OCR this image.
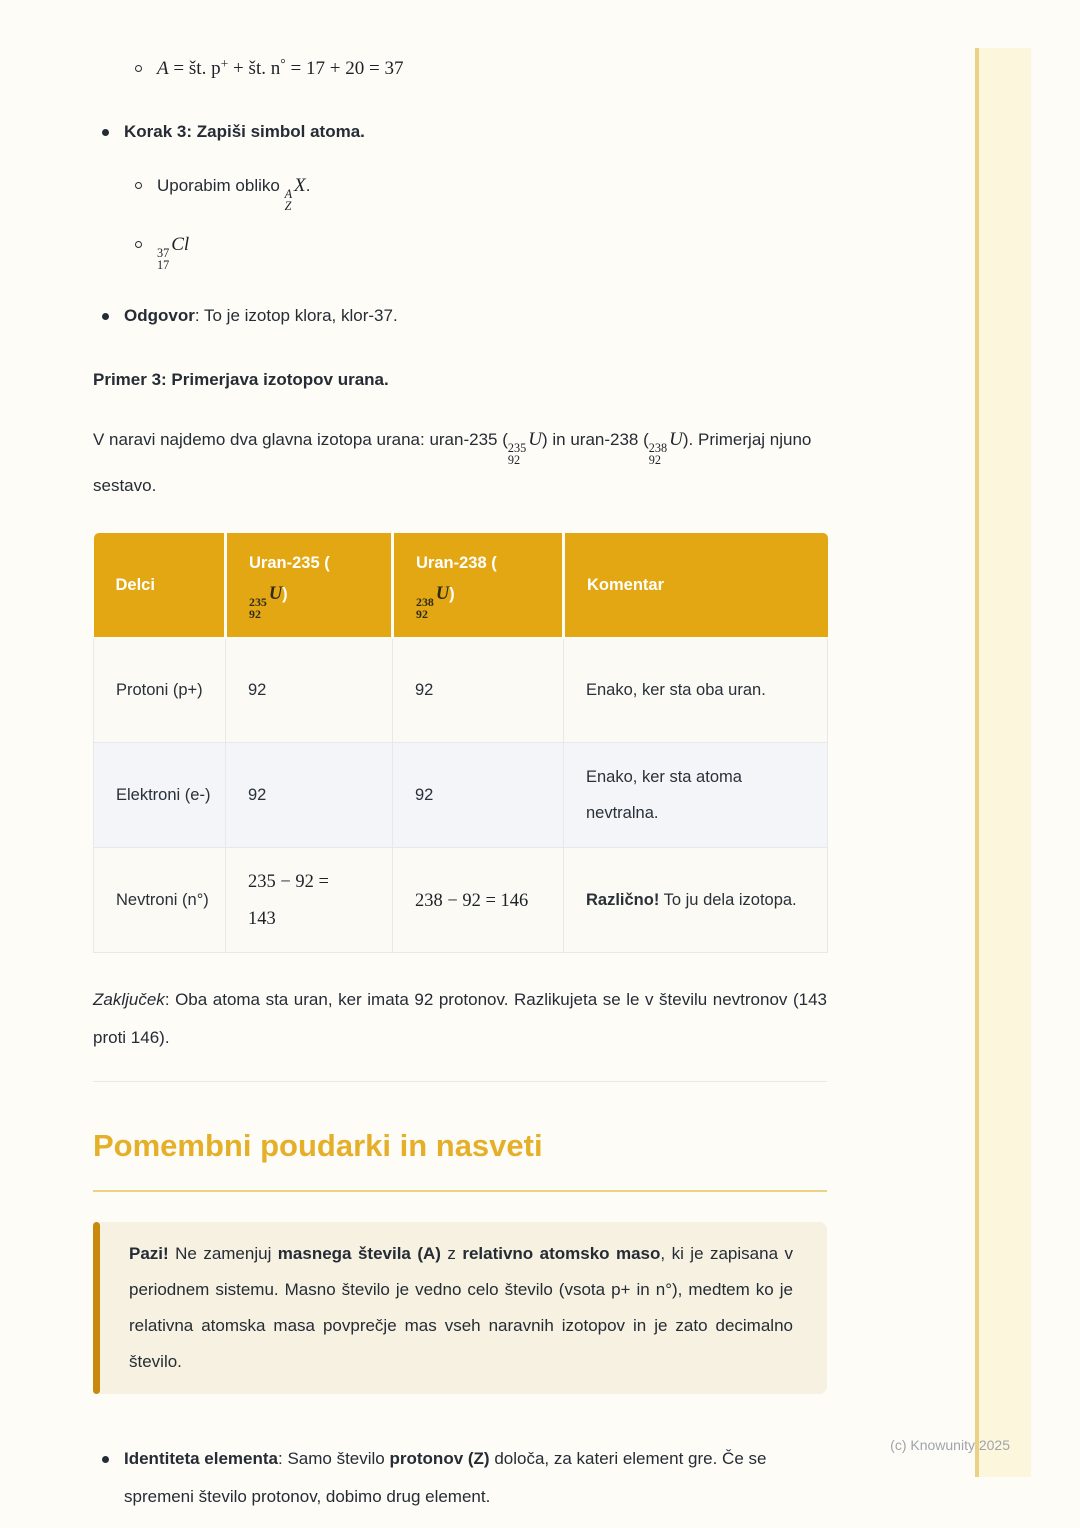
A = št. p+ + št. n° = 17 + 20 = 37
Korak 3: Zapiši simbol atoma.
Uporabim obliko A
Z
X.
37
17
Cl
Odgovor: To je izotop klora, klor-37.
Primer 3: Primerjava izotopov urana.

V naravi najdemo dva glavna izotopa urana: uran-235 ( 235
92
U) in uran-238 ( 238
92
U). Primerjaj njuno sestavo.

Delci	Uran-235 (

235
92
U)	Uran-238 (

238
92
U)	Komentar
Protoni (p+)	92	92	Enako, ker sta oba uran.
Elektroni (e-)	92	92	Enako, ker sta atoma nevtralna.
Nevtroni (n°)	235 − 92 =
143	238 − 92 = 146	Različno! To ju dela izotopa.

Zaključek: Oba atoma sta uran, ker imata 92 protonov. Razlikujeta se le v številu nevtronov (143 proti 146).

Pomembni poudarki in nasveti

Pazi! Ne zamenjuj masnega števila (A) z relativno atomsko maso, ki je zapisana v periodnem sistemu. Masno število je vedno celo število (vsota p+ in n°), medtem ko je relativna atomska masa povprečje mas vseh naravnih izotopov in je zato decimalno število.

Identiteta elementa: Samo število protonov (Z) določa, za kateri element gre. Če se spremeni število protonov, dobimo drug element.
(c) Knowunity 2025
